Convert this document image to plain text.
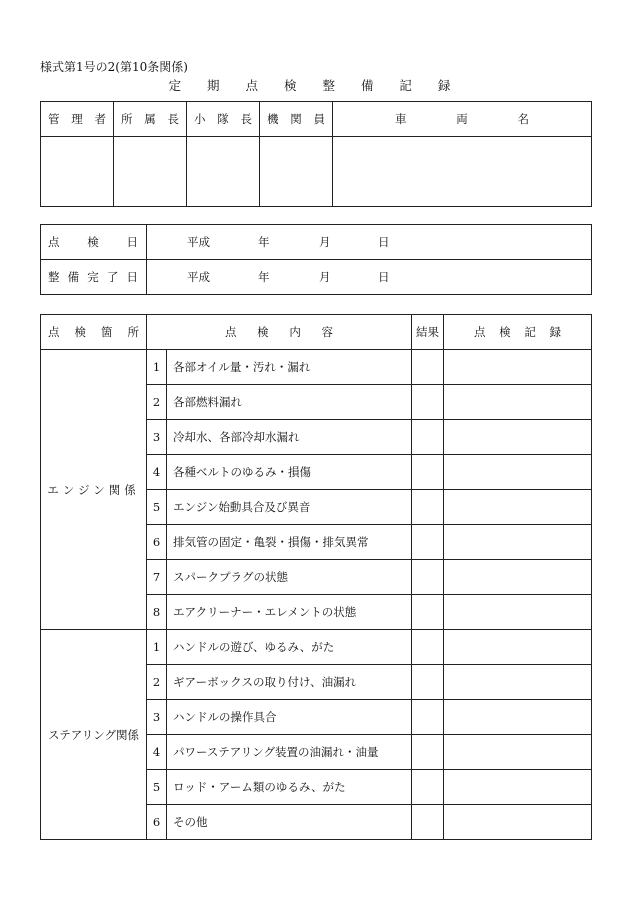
様式第1号の2(第10条関係)
定 期 点 検 整 備 記 録
管 理 者	所 属 長	小 隊 長	機 関 員	車 両 名

点 検 日	平成 年 月 日

整 備 完 了 日	平成 年 月 日
点 検 箇 所	点 検 内 容		結果	点 検 記 録

エンジン関係	1	各部オイル量・汚れ・漏れ		
	2	各部燃料漏れ		
	3	冷却水、各部冷却水漏れ		
	4	各種ベルトのゆるみ・損傷		
	5	エンジン始動具合及び異音		
	6	排気管の固定・亀裂・損傷・排気異常		
	7	スパークプラグの状態		
	8	エアクリーナー・エレメントの状態		
ステアリング関係	1	ハンドルの遊び、ゆるみ、がた		
	2	ギアーボックスの取り付け、油漏れ		
	3	ハンドルの操作具合		
	4	パワーステアリング装置の油漏れ・油量		
	5	ロッド・アーム類のゆるみ、がた		
	6	その他		
